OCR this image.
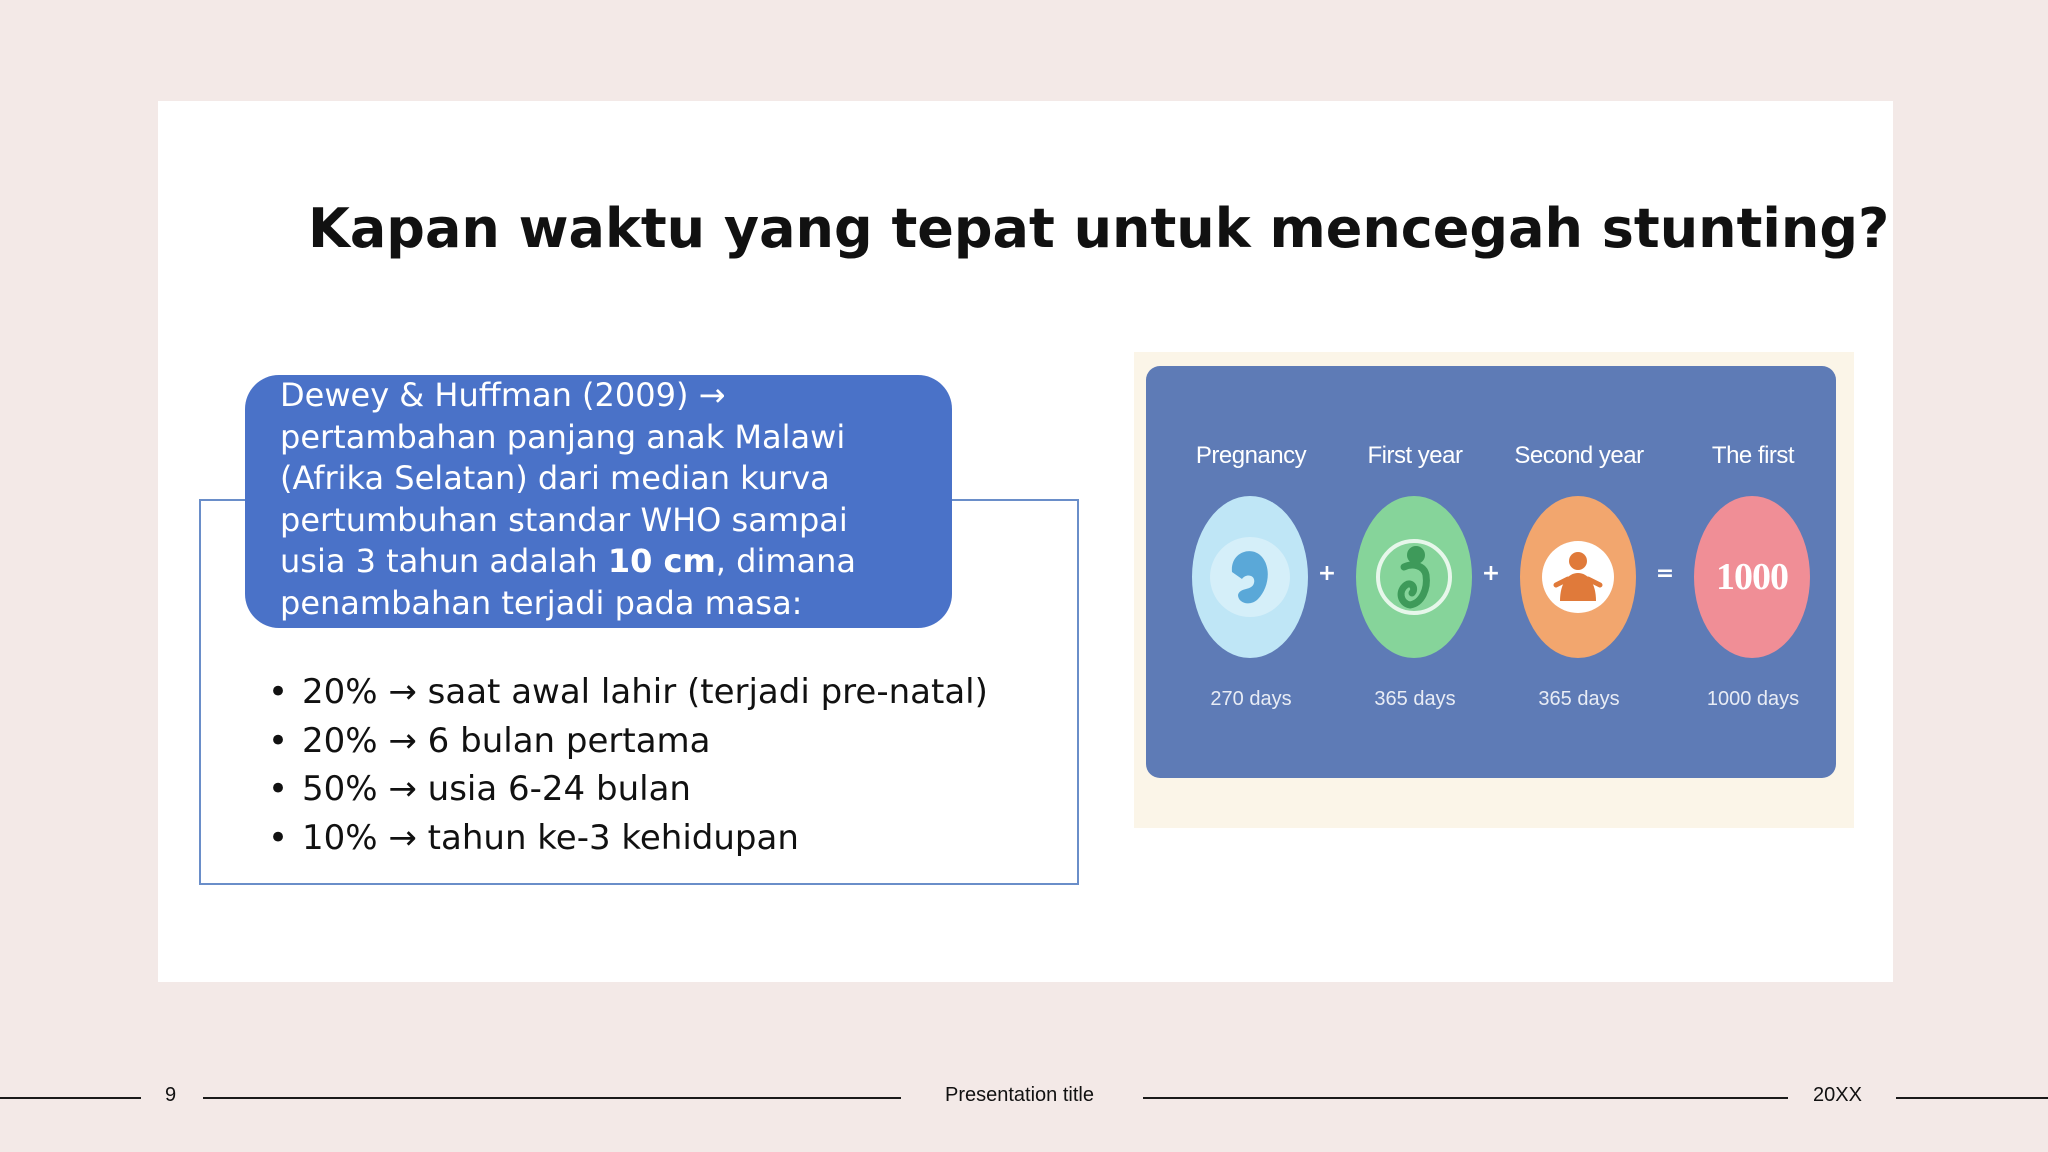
Kapan waktu yang tepat untuk mencegah stunting?
Dewey & Huffman (2009) →
pertambahan panjang anak Malawi
(Afrika Selatan) dari median kurva
pertumbuhan standar WHO sampai
usia 3 tahun adalah 10 cm, dimana
penambahan terjadi pada masa:
• 20% → saat awal lahir (terjadi pre-natal)
• 20% → 6 bulan pertama
• 50% → usia 6-24 bulan
• 10% → tahun ke-3 kehidupan
Pregnancy
270 days
+
First year
365 days
+
Second year
365 days
=
The first
1000
1000 days
9	Presentation title	20XX
